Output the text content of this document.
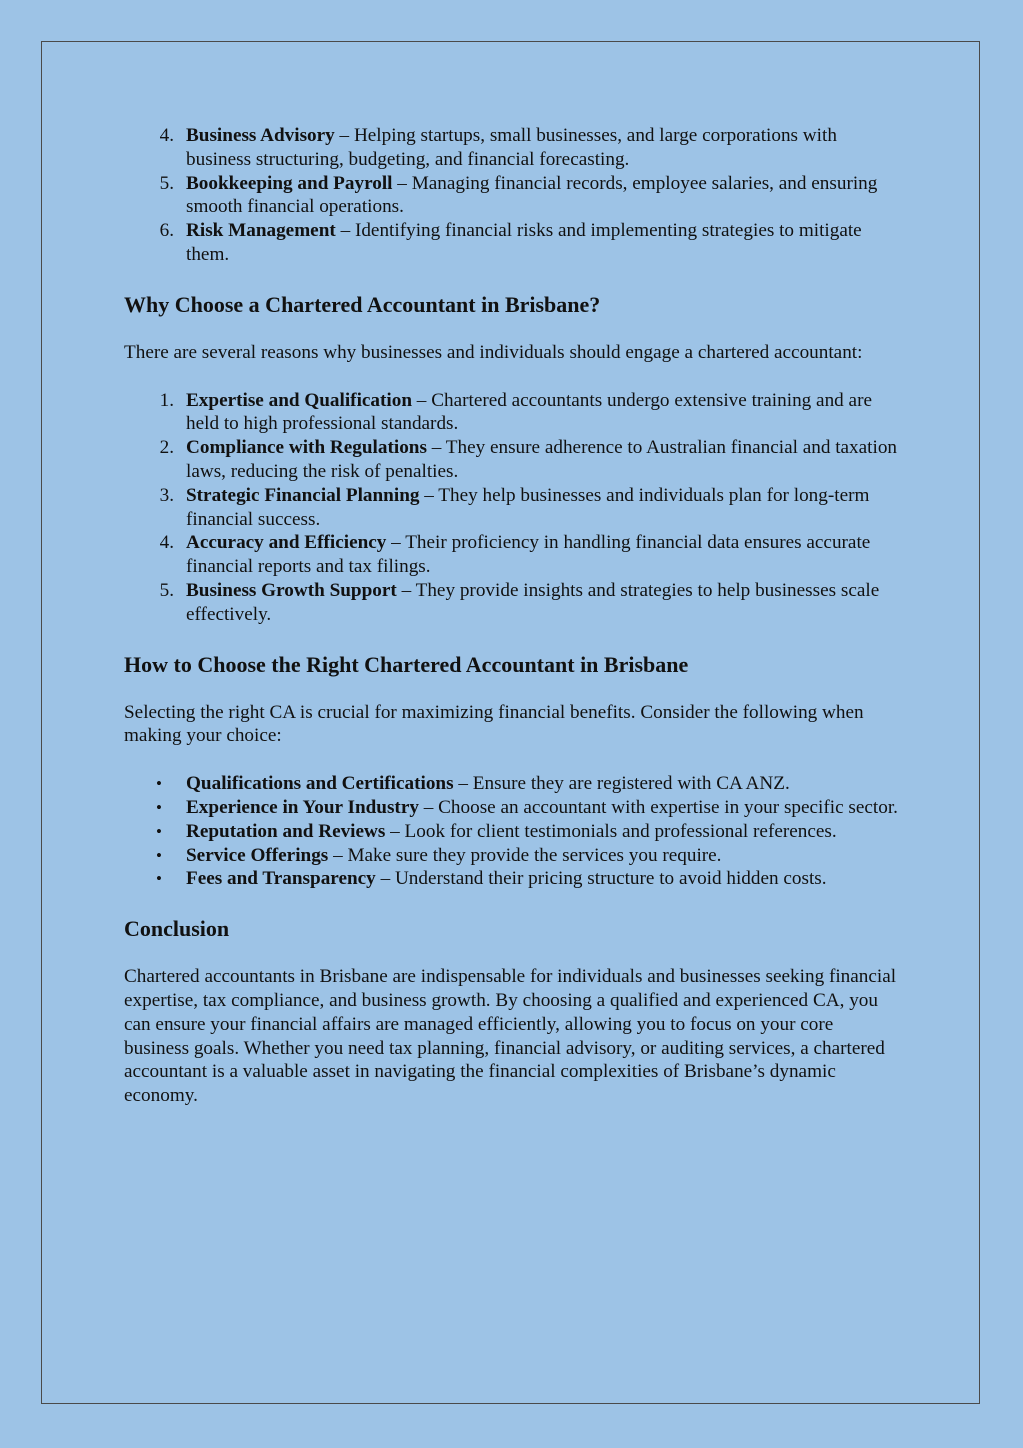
4. Business Advisory – Helping startups, small businesses, and large corporations with business structuring, budgeting, and financial forecasting.
5. Bookkeeping and Payroll – Managing financial records, employee salaries, and ensuring smooth financial operations.
6. Risk Management – Identifying financial risks and implementing strategies to mitigate them.
Why Choose a Chartered Accountant in Brisbane?

There are several reasons why businesses and individuals should engage a chartered accountant:

1. Expertise and Qualification – Chartered accountants undergo extensive training and are held to high professional standards.
2. Compliance with Regulations – They ensure adherence to Australian financial and taxation laws, reducing the risk of penalties.
3. Strategic Financial Planning – They help businesses and individuals plan for long-term financial success.
4. Accuracy and Efficiency – Their proficiency in handling financial data ensures accurate financial reports and tax filings.
5. Business Growth Support – They provide insights and strategies to help businesses scale effectively.
How to Choose the Right Chartered Accountant in Brisbane

Selecting the right CA is crucial for maximizing financial benefits. Consider the following when making your choice:

• Qualifications and Certifications – Ensure they are registered with CA ANZ.
• Experience in Your Industry – Choose an accountant with expertise in your specific sector.
• Reputation and Reviews – Look for client testimonials and professional references.
• Service Offerings – Make sure they provide the services you require.
• Fees and Transparency – Understand their pricing structure to avoid hidden costs.
Conclusion

Chartered accountants in Brisbane are indispensable for individuals and businesses seeking financial expertise, tax compliance, and business growth. By choosing a qualified and experienced CA, you can ensure your financial affairs are managed efficiently, allowing you to focus on your core business goals. Whether you need tax planning, financial advisory, or auditing services, a chartered accountant is a valuable asset in navigating the financial complexities of Brisbane’s dynamic economy.
